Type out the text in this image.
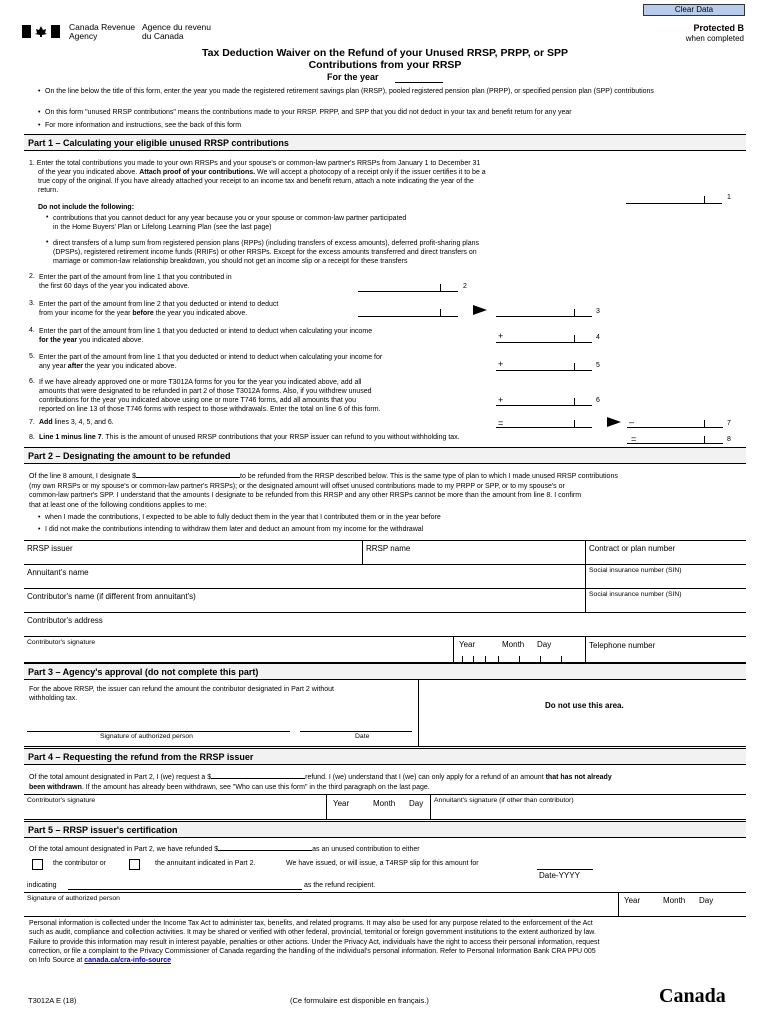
Clear Data
Canada Revenue
Agency
Agence du revenu
du Canada
Protected B
when completed
Tax Deduction Waiver on the Refund of your Unused RRSP, PRPP, or SPP
Contributions from your RRSP
For the year
• On the line below the title of this form, enter the year you made the registered retirement savings plan (RRSP), pooled registered pension plan (PRPP), or specified pension plan (SPP) contributions
• On this form "unused RRSP contributions" means the contributions made to your RRSP. PRPP, and SPP that you did not deduct in your tax and benefit return for any year
• For more information and instructions, see the back of this form
Part 1 – Calculating your eligible unused RRSP contributions
1. Enter the total contributions you made to your own RRSPs and your spouse's or common-law partner's RRSPs from January 1 to December 31
of the year you indicated above. Attach proof of your contributions. We will accept a photocopy of a receipt only if the issuer certifies it to be a
true copy of the original. If you have already attached your receipt to an income tax and benefit return, attach a note indicating the year of the
return.
1
Do not include the following:
• contributions that you cannot deduct for any year because you or your spouse or common-law partner participated
in the Home Buyers' Plan or Lifelong Learning Plan (see the last page)
• direct transfers of a lump sum from registered pension plans (RPPs) (including transfers of excess amounts), deferred profit-sharing plans
(DPSPs), registered retirement income funds (RRIFs) or other RRSPs. Except for the excess amounts transferred and direct transfers on
marriage or common-law relationship breakdown, you should not get an income slip or a receipt for these transfers
2. Enter the part of the amount from line 1 that you contributed in
the first 60 days of the year you indicated above.	2
3. Enter the part of the amount from line 2 that you deducted or intend to deduct
from your income for the year before the year you indicated above.	3
4. Enter the part of the amount from line 1 that you deducted or intend to deduct when calculating your income
for the year you indicated above.	+	4
5. Enter the part of the amount from line 1 that you deducted or intend to deduct when calculating your income for
any year after the year you indicated above.	+	5
6. If we have already approved one or more T3012A forms for you for the year you indicated above, add all
amounts that were designated to be refunded in part 2 of those T3012A forms. Also, if you withdrew unused
contributions for the year you indicated above using one or more T746 forms, add all amounts that you
reported on line 13 of those T746 forms with respect to those withdrawals. Enter the total on line 6 of this form.
+	6
7. Add lines 3, 4, 5, and 6.	=	–	7
8. Line 1 minus line 7. This is the amount of unused RRSP contributions that your RRSP issuer can refund to you without withholding tax.	=	8
Part 2 – Designating the amount to be refunded
Of the line 8 amount, I designate $	to be refunded from the RRSP described below. This is the same type of plan to which I made unused RRSP contributions
(my own RRSPs or my spouse's or common-law partner's RRSPs); or the designated amount will offset unused contributions made to my PRPP or SPP, or to my spouse's or
common-law partner's SPP. I understand that the amounts I designate to be refunded from this RRSP and any other RRSPs cannot be more than the amount from line 8. I confirm
that at least one of the following conditions applies to me:
• when I made the contributions, I expected to be able to fully deduct them in the year that I contributed them or in the year before
• I did not make the contributions intending to withdraw them later and deduct an amount from my income for the withdrawal
RRSP issuer	RRSP name	Contract or plan number
Annuitant's name	Social insurance number (SIN)
Contributor's name (if different from annuitant's)	Social insurance number (SIN)
Contributor's address
Contributor's signature	Year	Month Day	Telephone number
Part 3 – Agency's approval (do not complete this part)
For the above RRSP, the issuer can refund the amount the contributor designated in Part 2 without
withholding tax.
Do not use this area.
Signature of authorized person	Date
Part 4 – Requesting the refund from the RRSP issuer
Of the total amount designated in Part 2, I (we) request a $	refund. I (we) understand that I (we) can only apply for a refund of an amount that has not already
been withdrawn. If the amount has already been withdrawn, see "Who can use this form" in the third paragraph on the last page.
Contributor's signature	Year	Month Day Annuitant's signature (if other than contributor)
Part 5 – RRSP issuer's certification
Of the total amount designated in Part 2, we have refunded $	as an unused contribution to either
the contributor or	the annuitant indicated in Part 2.	We have issued, or will issue, a T4RSP slip for this amount for
Date-YYYY
indicating	as the refund recipient.
Signature of authorized person	Year	Month Day
Personal information is collected under the Income Tax Act to administer tax, benefits, and related programs. It may also be used for any purpose related to the enforcement of the Act
such as audit, compliance and collection activities. It may be shared or verified with other federal, provincial, territorial or foreign government institutions to the extent authorized by law.
Failure to provide this information may result in interest payable, penalties or other actions. Under the Privacy Act, individuals have the right to access their personal information, request
correction, or file a complaint to the Privacy Commissioner of Canada regarding the handling of the individual's personal information. Refer to Personal Information Bank CRA PPU 005
on Info Source at canada.ca/cra-info-source
T3012A E (18)	(Ce formulaire est disponible en français.)	Canada
